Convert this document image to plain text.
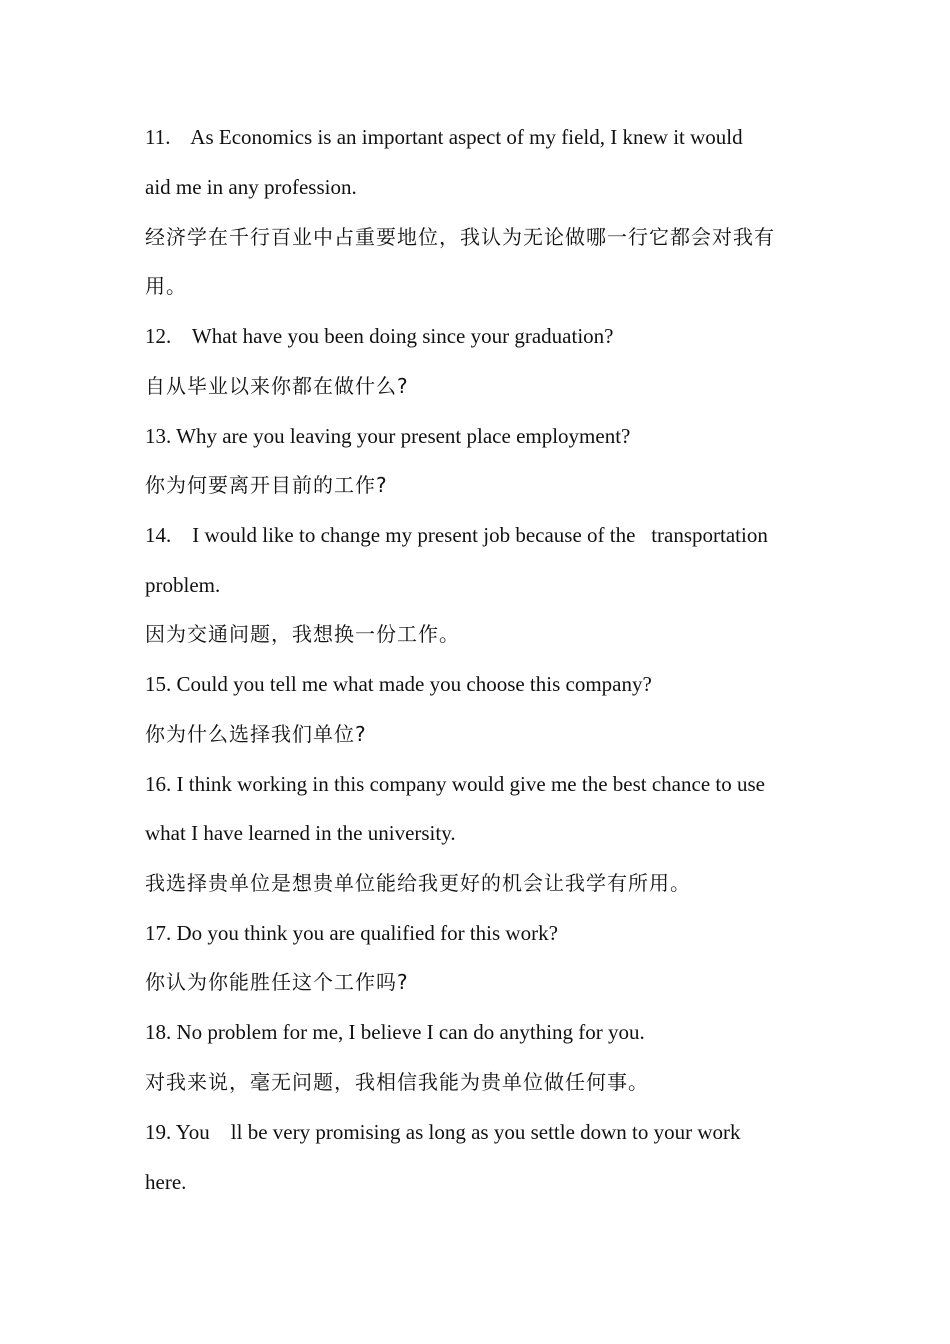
11.    As Economics is an important aspect of my field, I knew it would
aid me in any profession.
经济学在千行百业中占重要地位，我认为无论做哪一行它都会对我有
用。
12.    What have you been doing since your graduation?
自从毕业以来你都在做什么?
13. Why are you leaving your present place employment?
你为何要离开目前的工作?
14.    I would like to change my present job because of the   transportation
problem.
因为交通问题，我想换一份工作。
15. Could you tell me what made you choose this company?
你为什么选择我们单位?
16. I think working in this company would give me the best chance to use
what I have learned in the university.
我选择贵单位是想贵单位能给我更好的机会让我学有所用。
17. Do you think you are qualified for this work?
你认为你能胜任这个工作吗?
18. No problem for me, I believe I can do anything for you.
对我来说，毫无问题，我相信我能为贵单位做任何事。
19. You    ll be very promising as long as you settle down to your work
here.
